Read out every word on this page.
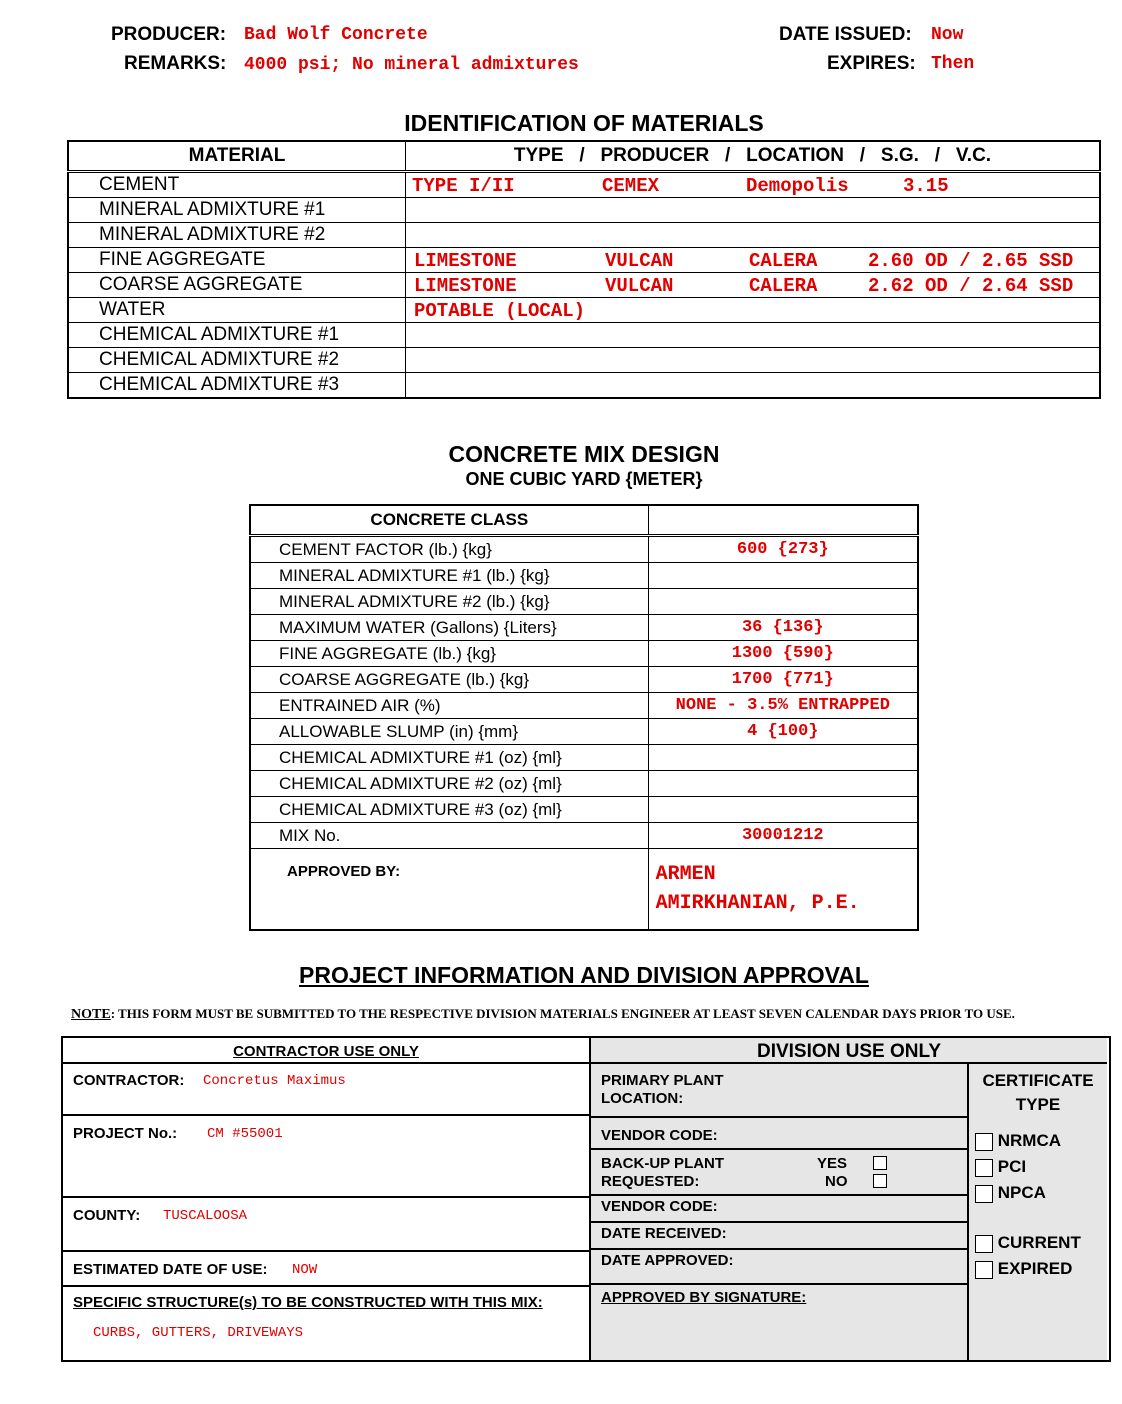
PRODUCER: Bad Wolf Concrete
REMARKS: 4000 psi; No mineral admixtures
DATE ISSUED: Now
EXPIRES: Then
IDENTIFICATION OF MATERIALS
MATERIAL	TYPE   /   PRODUCER   /   LOCATION   /   S.G.   /   V.C.
CEMENT	TYPE I/II CEMEX Demopolis 3.15

MINERAL ADMIXTURE #1	

MINERAL ADMIXTURE #2	

FINE AGGREGATE	LIMESTONE VULCAN CALERA 2.60 OD / 2.65 SSD

COARSE AGGREGATE	LIMESTONE VULCAN CALERA 2.62 OD / 2.64 SSD

WATER	POTABLE (LOCAL)

CHEMICAL ADMIXTURE #1	

CHEMICAL ADMIXTURE #2	

CHEMICAL ADMIXTURE #3	
CONCRETE MIX DESIGN
ONE CUBIC YARD {METER}
CONCRETE CLASS	
CEMENT FACTOR (lb.) {kg}	600 {273}
MINERAL ADMIXTURE #1 (lb.) {kg}	
MINERAL ADMIXTURE #2 (lb.) {kg}	
MAXIMUM WATER (Gallons) {Liters}	36 {136}
FINE AGGREGATE (lb.) {kg}	1300 {590}
COARSE AGGREGATE (lb.) {kg}	1700 {771}
ENTRAINED AIR (%)	NONE - 3.5% ENTRAPPED
ALLOWABLE SLUMP (in) {mm}	4 {100}
CHEMICAL ADMIXTURE #1 (oz) {ml}	
CHEMICAL ADMIXTURE #2 (oz) {ml}	
CHEMICAL ADMIXTURE #3 (oz) {ml}	
MIX No.	30001212
APPROVED BY:	ARMEN
AMIRKHANIAN, P.E.
PROJECT INFORMATION AND DIVISION APPROVAL
NOTE: THIS FORM MUST BE SUBMITTED TO THE RESPECTIVE DIVISION MATERIALS ENGINEER AT LEAST SEVEN CALENDAR DAYS PRIOR TO USE.
CONTRACTOR USE ONLY
CONTRACTOR: Concretus Maximus
PROJECT No.: CM #55001
COUNTY: TUSCALOOSA
ESTIMATED DATE OF USE: NOW
SPECIFIC STRUCTURE(s) TO BE CONSTRUCTED WITH THIS MIX:
CURBS, GUTTERS, DRIVEWAYS
DIVISION USE ONLY
PRIMARY PLANT
LOCATION:
VENDOR CODE:
BACK-UP PLANT
REQUESTED:
YES
NO
VENDOR CODE:
DATE RECEIVED:
DATE APPROVED:
APPROVED BY SIGNATURE:
CERTIFICATE
TYPE
NRMCA
PCI
NPCA
CURRENT
EXPIRED
